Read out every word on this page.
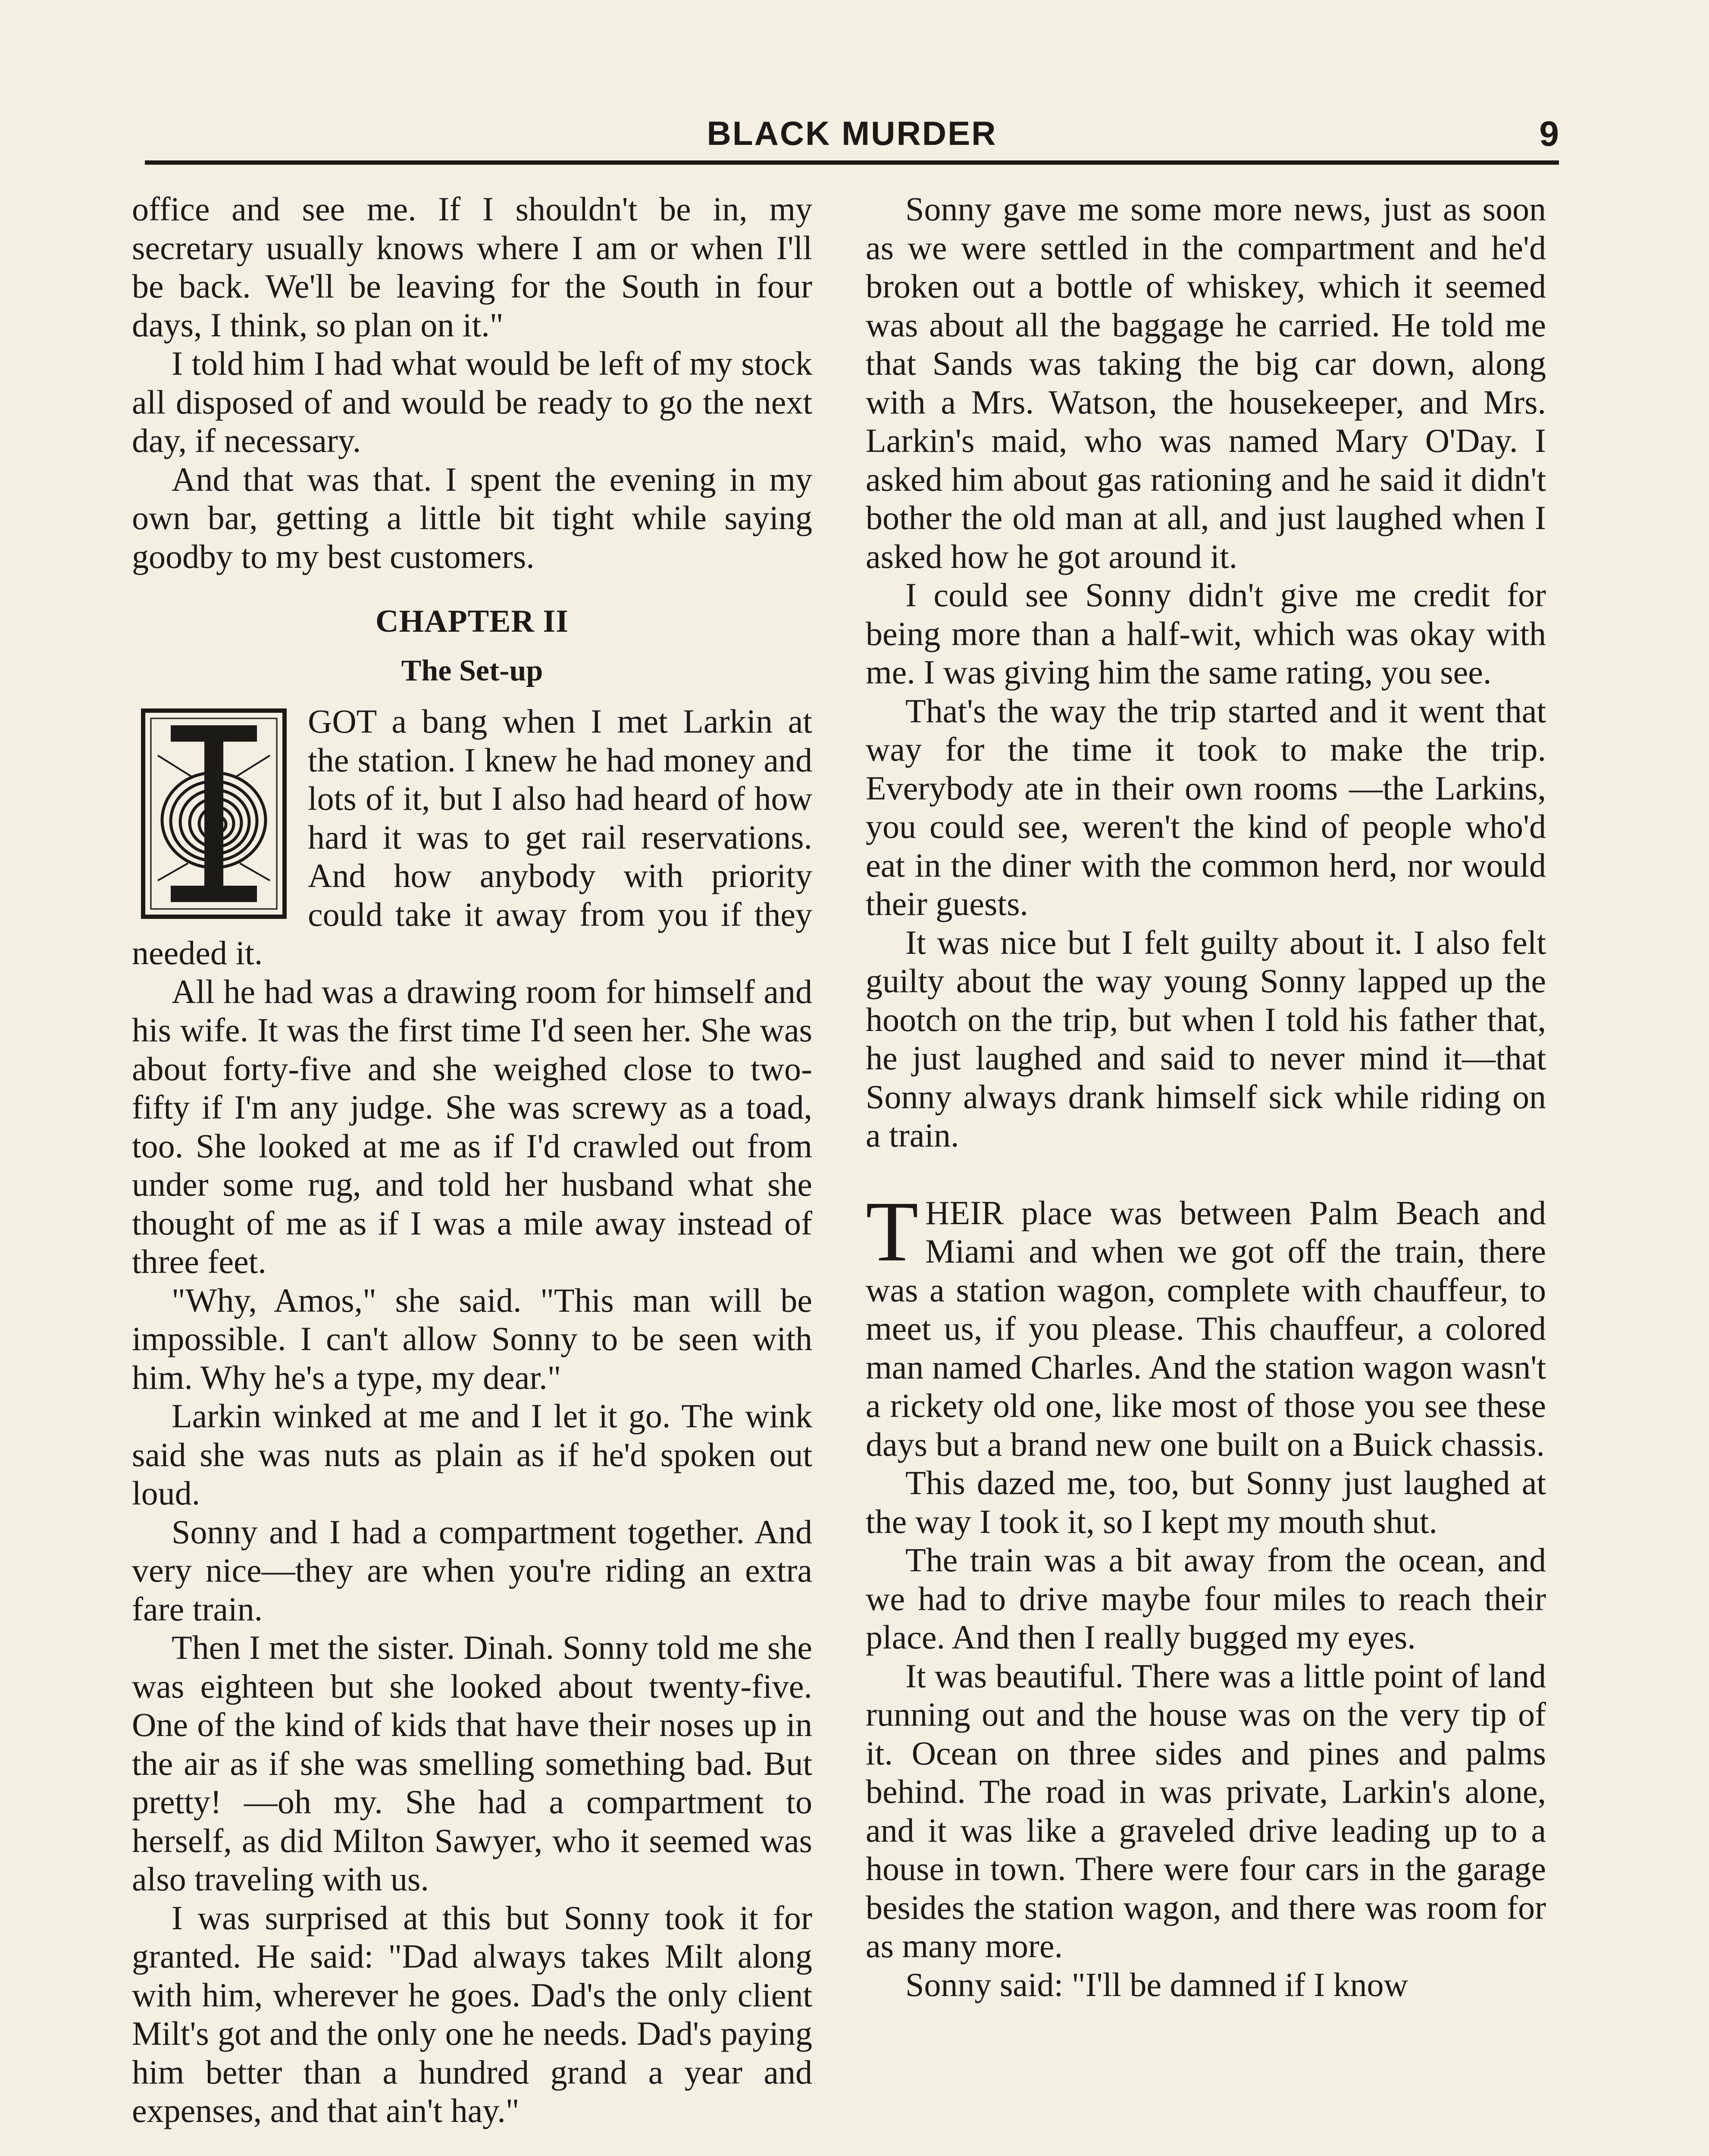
BLACK MURDER	9

office and see me. If I shouldn't be in, my secretary usually knows where I am or when I'll be back. We'll be leaving for the South in four days, I think, so plan on it."

I told him I had what would be left of my stock all disposed of and would be ready to go the next day, if necessary.

And that was that. I spent the evening in my own bar, getting a little bit tight while saying goodby to my best customers.

CHAPTER II

The Set-up

GOT a bang when I met Larkin at the station. I knew he had money and lots of it, but I also had heard of how hard it was to get rail reservations. And how anybody with priority could take it away from you if they needed it.

All he had was a drawing room for himself and his wife. It was the first time I'd seen her. She was about forty-five and she weighed close to two-fifty if I'm any judge. She was screwy as a toad, too. She looked at me as if I'd crawled out from under some rug, and told her husband what she thought of me as if I was a mile away instead of three feet.

"Why, Amos," she said. "This man will be impossible. I can't allow Sonny to be seen with him. Why he's a type, my dear."

Larkin winked at me and I let it go. The wink said she was nuts as plain as if he'd spoken out loud.

Sonny and I had a compartment together. And very nice—they are when you're riding an extra fare train.

Then I met the sister. Dinah. Sonny told me she was eighteen but she looked about twenty-five. One of the kind of kids that have their noses up in the air as if she was smelling something bad. But pretty! —oh my. She had a compartment to herself, as did Milton Sawyer, who it seemed was also traveling with us.

I was surprised at this but Sonny took it for granted. He said: "Dad always takes Milt along with him, wherever he goes. Dad's the only client Milt's got and the only one he needs. Dad's paying him better than a hundred grand a year and expenses, and that ain't hay."

Sonny gave me some more news, just as soon as we were settled in the compartment and he'd broken out a bottle of whiskey, which it seemed was about all the baggage he carried. He told me that Sands was taking the big car down, along with a Mrs. Watson, the housekeeper, and Mrs. Larkin's maid, who was named Mary O'Day. I asked him about gas rationing and he said it didn't bother the old man at all, and just laughed when I asked how he got around it.

I could see Sonny didn't give me credit for being more than a half-wit, which was okay with me. I was giving him the same rating, you see.

That's the way the trip started and it went that way for the time it took to make the trip. Everybody ate in their own rooms —the Larkins, you could see, weren't the kind of people who'd eat in the diner with the common herd, nor would their guests.

It was nice but I felt guilty about it. I also felt guilty about the way young Sonny lapped up the hootch on the trip, but when I told his father that, he just laughed and said to never mind it—that Sonny always drank himself sick while riding on a train.

THEIR place was between Palm Beach and Miami and when we got off the train, there was a station wagon, complete with chauffeur, to meet us, if you please. This chauffeur, a colored man named Charles. And the station wagon wasn't a rickety old one, like most of those you see these days but a brand new one built on a Buick chassis.

This dazed me, too, but Sonny just laughed at the way I took it, so I kept my mouth shut.

The train was a bit away from the ocean, and we had to drive maybe four miles to reach their place. And then I really bugged my eyes.

It was beautiful. There was a little point of land running out and the house was on the very tip of it. Ocean on three sides and pines and palms behind. The road in was private, Larkin's alone, and it was like a graveled drive leading up to a house in town. There were four cars in the garage besides the station wagon, and there was room for as many more.

Sonny said: "I'll be damned if I know
